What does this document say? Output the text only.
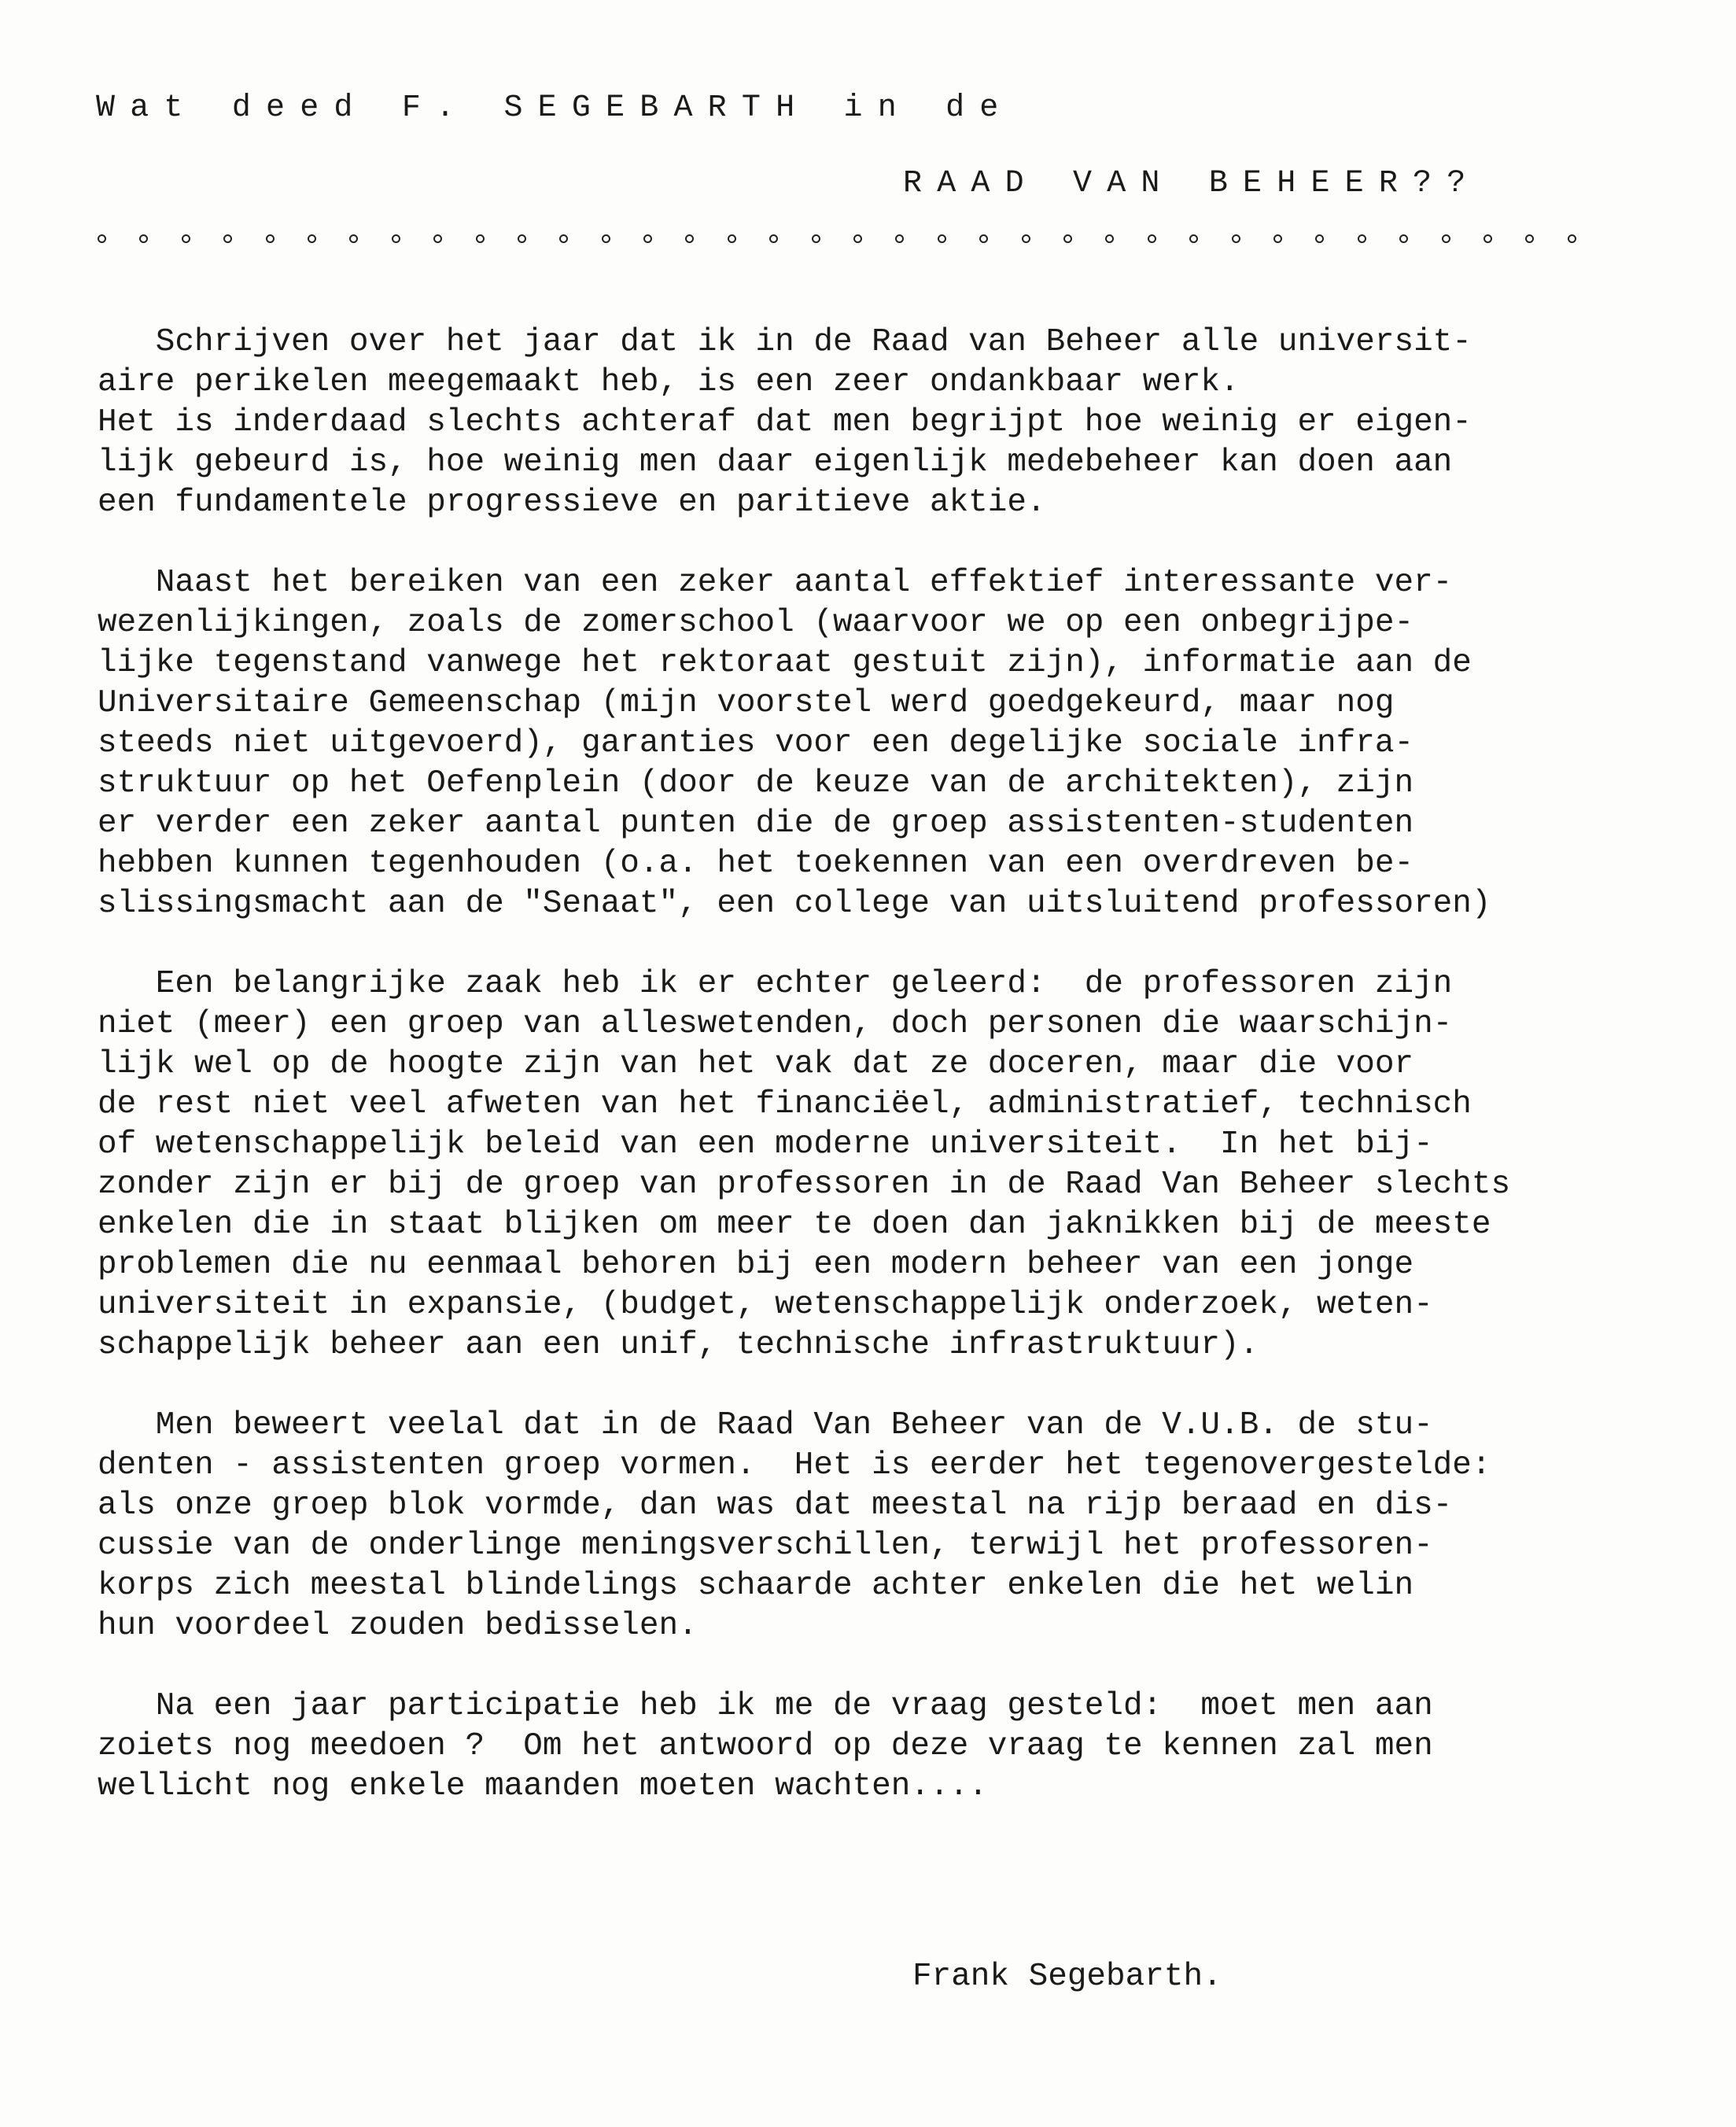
Wat deed F. SEGEBARTH in de
RAAD VAN BEHEER??
Schrijven over het jaar dat ik in de Raad van Beheer alle universit-
aire perikelen meegemaakt heb, is een zeer ondankbaar werk.
Het is inderdaad slechts achteraf dat men begrijpt hoe weinig er eigen-
lijk gebeurd is, hoe weinig men daar eigenlijk medebeheer kan doen aan
een fundamentele progressieve en paritieve aktie.
Naast het bereiken van een zeker aantal effektief interessante ver-
wezenlijkingen, zoals de zomerschool (waarvoor we op een onbegrijpe-
lijke tegenstand vanwege het rektoraat gestuit zijn), informatie aan de
Universitaire Gemeenschap (mijn voorstel werd goedgekeurd, maar nog
steeds niet uitgevoerd), garanties voor een degelijke sociale infra-
struktuur op het Oefenplein (door de keuze van de architekten), zijn
er verder een zeker aantal punten die de groep assistenten-studenten
hebben kunnen tegenhouden (o.a. het toekennen van een overdreven be-
slissingsmacht aan de "Senaat", een college van uitsluitend professoren)
Een belangrijke zaak heb ik er echter geleerd:  de professoren zijn
niet (meer) een groep van alleswetenden, doch personen die waarschijn-
lijk wel op de hoogte zijn van het vak dat ze doceren, maar die voor
de rest niet veel afweten van het financiëel, administratief, technisch
of wetenschappelijk beleid van een moderne universiteit.  In het bij-
zonder zijn er bij de groep van professoren in de Raad Van Beheer slechts
enkelen die in staat blijken om meer te doen dan jaknikken bij de meeste
problemen die nu eenmaal behoren bij een modern beheer van een jonge
universiteit in expansie, (budget, wetenschappelijk onderzoek, weten-
schappelijk beheer aan een unif, technische infrastruktuur).
Men beweert veelal dat in de Raad Van Beheer van de V.U.B. de stu-
denten - assistenten groep vormen.  Het is eerder het tegenovergestelde:
als onze groep blok vormde, dan was dat meestal na rijp beraad en dis-
cussie van de onderlinge meningsverschillen, terwijl het professoren-
korps zich meestal blindelings schaarde achter enkelen die het welin
hun voordeel zouden bedisselen.
Na een jaar participatie heb ik me de vraag gesteld:  moet men aan
zoiets nog meedoen ?  Om het antwoord op deze vraag te kennen zal men
wellicht nog enkele maanden moeten wachten....
Frank Segebarth.
